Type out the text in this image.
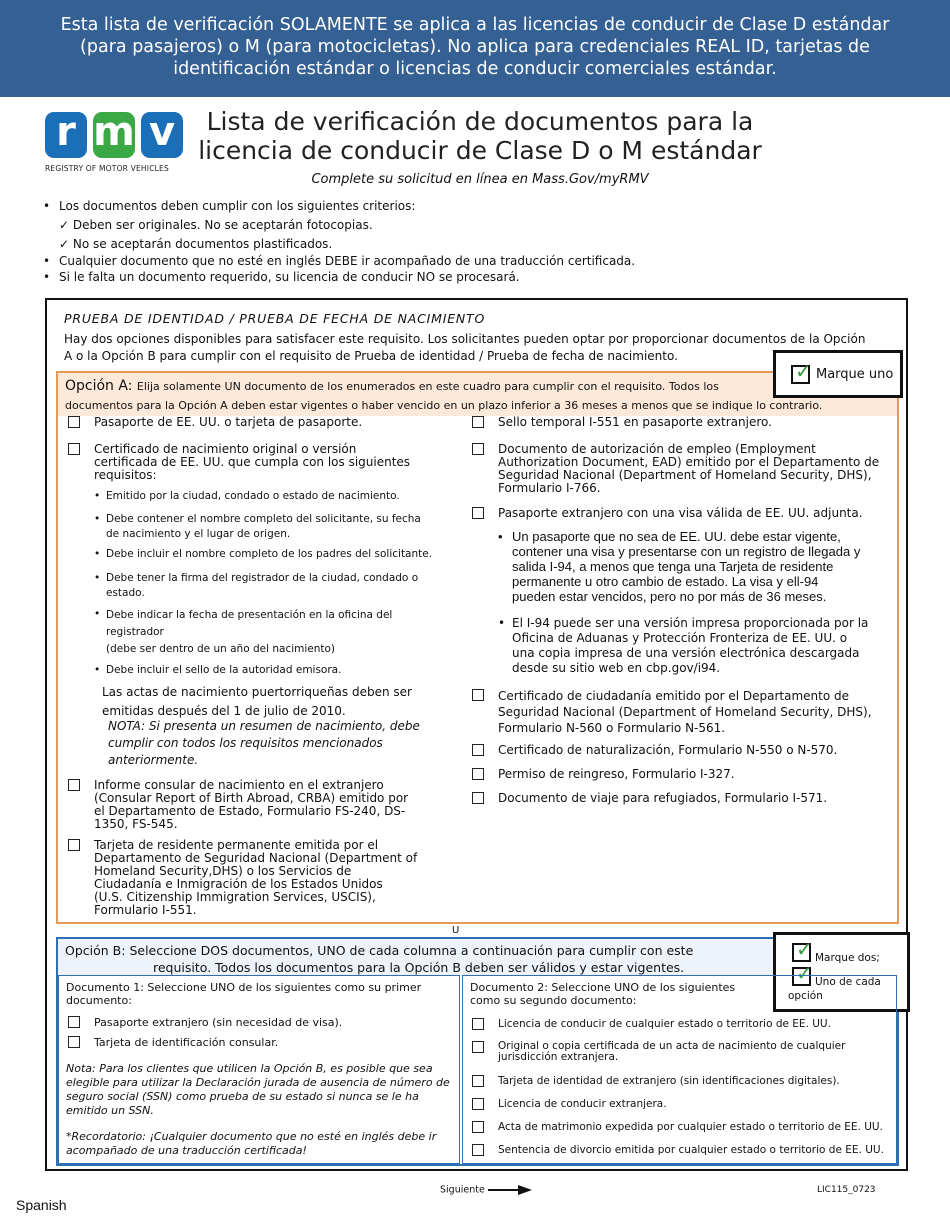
Esta lista de verificación SOLAMENTE se aplica a las licencias de conducir de Clase D estándar
(para pasajeros) o M (para motocicletas). No aplica para credenciales REAL ID, tarjetas de
identificación estándar o licencias de conducir comerciales estándar.
r m v
REGISTRY OF MOTOR VEHICLES
Lista de verificación de documentos para la
licencia de conducir de Clase D o M estándar
Complete su solicitud en línea en Mass.Gov/myRMV
• Los documentos deben cumplir con los siguientes criterios:
✓ Deben ser originales. No se aceptarán fotocopias.
✓ No se aceptarán documentos plastificados.
• Cualquier documento que no esté en inglés DEBE ir acompañado de una traducción certificada.
• Si le falta un documento requerido, su licencia de conducir NO se procesará.
PRUEBA DE IDENTIDAD / PRUEBA DE FECHA DE NACIMIENTO
Hay dos opciones disponibles para satisfacer este requisito. Los solicitantes pueden optar por proporcionar documentos de la Opción
A o la Opción B para cumplir con el requisito de Prueba de identidad / Prueba de fecha de nacimiento.
Opción A: Elija solamente UN documento de los enumerados en este cuadro para cumplir con el requisito. Todos los
documentos para la Opción A deben estar vigentes o haber vencido en un plazo inferior a 36 meses a menos que se indique lo contrario.
✓ Marque uno
Pasaporte de EE. UU. o tarjeta de pasaporte.
Certificado de nacimiento original o versión
certificada de EE. UU. que cumpla con los siguientes
requisitos:
• Emitido por la ciudad, condado o estado de nacimiento.
• Debe contener el nombre completo del solicitante, su fecha
de nacimiento y el lugar de origen.
• Debe incluir el nombre completo de los padres del solicitante.
• Debe tener la firma del registrador de la ciudad, condado o
estado.
• Debe indicar la fecha de presentación en la oficina del
registrador
(debe ser dentro de un año del nacimiento)
• Debe incluir el sello de la autoridad emisora.
Las actas de nacimiento puertorriqueñas deben ser
emitidas después del 1 de julio de 2010.
NOTA: Si presenta un resumen de nacimiento, debe
cumplir con todos los requisitos mencionados
anteriormente.
Informe consular de nacimiento en el extranjero
(Consular Report of Birth Abroad, CRBA) emitido por
el Departamento de Estado, Formulario FS-240, DS-
1350, FS-545.
Tarjeta de residente permanente emitida por el
Departamento de Seguridad Nacional (Department of
Homeland Security,DHS) o los Servicios de
Ciudadanía e Inmigración de los Estados Unidos
(U.S. Citizenship Immigration Services, USCIS),
Formulario I-551.
Sello temporal I-551 en pasaporte extranjero.
Documento de autorización de empleo (Employment
Authorization Document, EAD) emitido por el Departamento de
Seguridad Nacional (Department of Homeland Security, DHS),
Formulario I-766.
Pasaporte extranjero con una visa válida de EE. UU. adjunta.
• Un pasaporte que no sea de EE. UU. debe estar vigente,
contener una visa y presentarse con un registro de llegada y
salida I-94, a menos que tenga una Tarjeta de residente
permanente u otro cambio de estado. La visa y ell-94
pueden estar vencidos, pero no por más de 36 meses.
• El I-94 puede ser una versión impresa proporcionada por la
Oficina de Aduanas y Protección Fronteriza de EE. UU. o
una copia impresa de una versión electrónica descargada
desde su sitio web en cbp.gov/i94.
Certificado de ciudadanía emitido por el Departamento de
Seguridad Nacional (Department of Homeland Security, DHS),
Formulario N-560 o Formulario N-561.
Certificado de naturalización, Formulario N-550 o N-570.
Permiso de reingreso, Formulario I-327.
Documento de viaje para refugiados, Formulario I-571.
U
Opción B: Seleccione DOS documentos, UNO de cada columna a continuación para cumplir con este
requisito. Todos los documentos para la Opción B deben ser válidos y estar vigentes.
✓ Marque dos;
✓ Uno de cada
opción
Documento 1: Seleccione UNO de los siguientes como su primer
documento:
Pasaporte extranjero (sin necesidad de visa).
Tarjeta de identificación consular.
Nota: Para los clientes que utilicen la Opción B, es posible que sea
elegible para utilizar la Declaración jurada de ausencia de número de
seguro social (SSN) como prueba de su estado si nunca se le ha
emitido un SSN.
*Recordatorio: ¡Cualquier documento que no esté en inglés debe ir
acompañado de una traducción certificada!
Documento 2: Seleccione UNO de los siguientes
como su segundo documento:
Licencia de conducir de cualquier estado o territorio de EE. UU.
Original o copia certificada de un acta de nacimiento de cualquier
jurisdicción extranjera.
Tarjeta de identidad de extranjero (sin identificaciones digitales).
Licencia de conducir extranjera.
Acta de matrimonio expedida por cualquier estado o territorio de EE. UU.
Sentencia de divorcio emitida por cualquier estado o territorio de EE. UU.
Spanish
Siguiente	LIC115_0723
